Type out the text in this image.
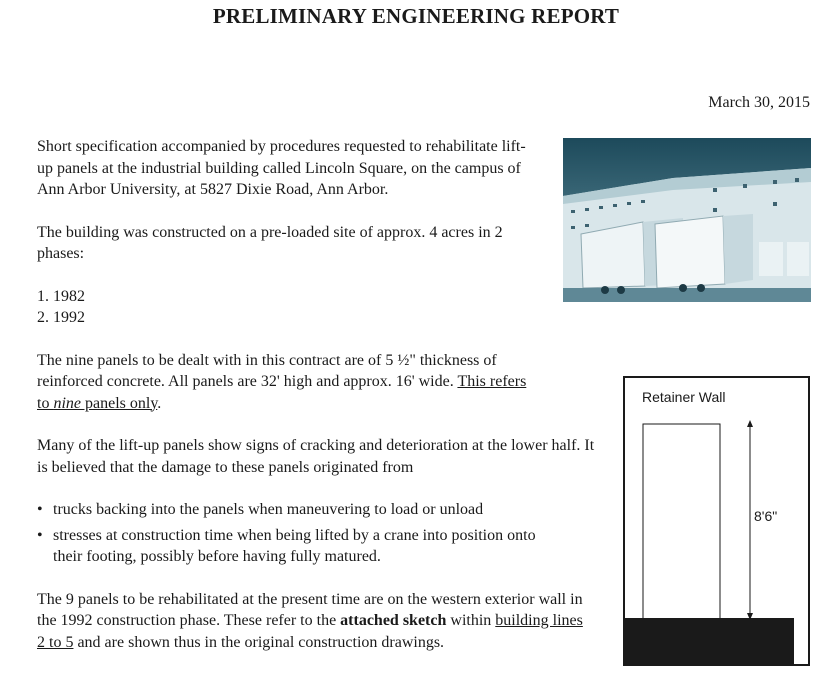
PRELIMINARY ENGINEERING REPORT
March 30, 2015

Short specification accompanied by procedures requested to rehabilitate lift-up panels at the industrial building called Lincoln Square, on the campus of Ann Arbor University, at 5827 Dixie Road, Ann Arbor.

The building was constructed on a pre-loaded site of approx. 4 acres in 2 phases:

1. 1982
2. 1992

The nine panels to be dealt with in this contract are of 5 ½" thickness of reinforced concrete. All panels are 32' high and approx. 16' wide. This refers to nine panels only.

Many of the lift-up panels show signs of cracking and deterioration at the lower half. It is believed that the damage to these panels originated from

• trucks backing into the panels when maneuvering to load or unload
• stresses at construction time when being lifted by a crane into position onto their footing, possibly before having fully matured.

The 9 panels to be rehabilitated at the present time are on the western exterior wall in the 1992 construction phase. These refer to the attached sketch within building lines 2 to 5 and are shown thus in the original construction drawings.

Retainer Wall
8'6"
